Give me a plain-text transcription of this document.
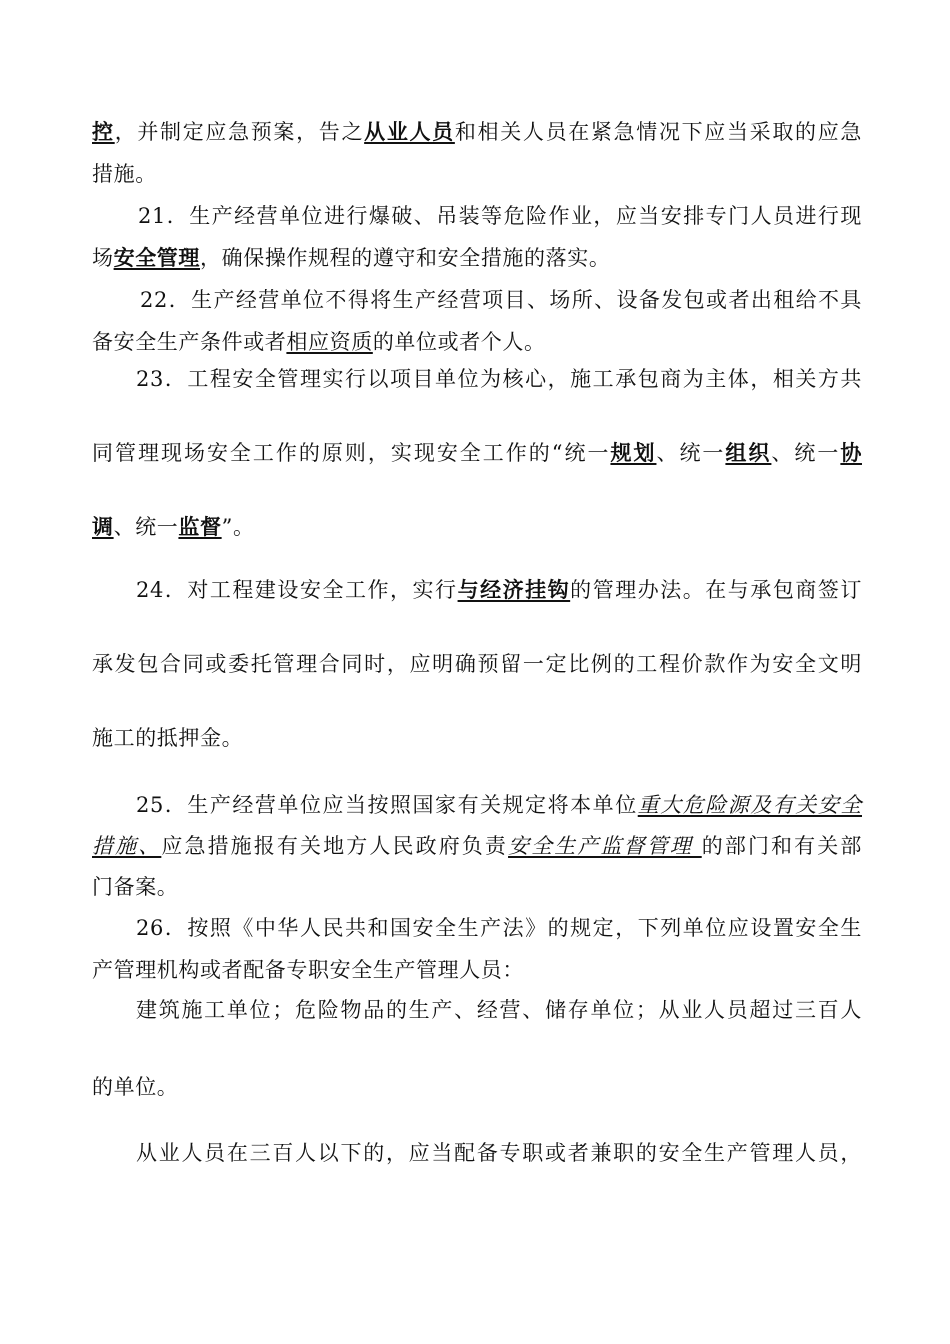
控，并制定应急预案，告之从业人员和相关人员在紧急情况下应当采取的应急
措施。
21．生产经营单位进行爆破、吊装等危险作业，应当安排专门人员进行现
场安全管理，确保操作规程的遵守和安全措施的落实。
22．生产经营单位不得将生产经营项目、场所、设备发包或者出租给不具
备安全生产条件或者相应资质的单位或者个人。
23．工程安全管理实行以项目单位为核心，施工承包商为主体，相关方共
同管理现场安全工作的原则，实现安全工作的“统一规划、统一组织、统一协
调、统一监督”。
24．对工程建设安全工作，实行与经济挂钩的管理办法。在与承包商签订
承发包合同或委托管理合同时，应明确预留一定比例的工程价款作为安全文明
施工的抵押金。
25．生产经营单位应当按照国家有关规定将本单位重大危险源及有关安全
措施、应急措施报有关地方人民政府负责安全生产监督管理 的部门和有关部
门备案。
26．按照《中华人民共和国安全生产法》的规定，下列单位应设置安全生
产管理机构或者配备专职安全生产管理人员：
建筑施工单位；危险物品的生产、经营、储存单位；从业人员超过三百人
的单位。
从业人员在三百人以下的，应当配备专职或者兼职的安全生产管理人员，
